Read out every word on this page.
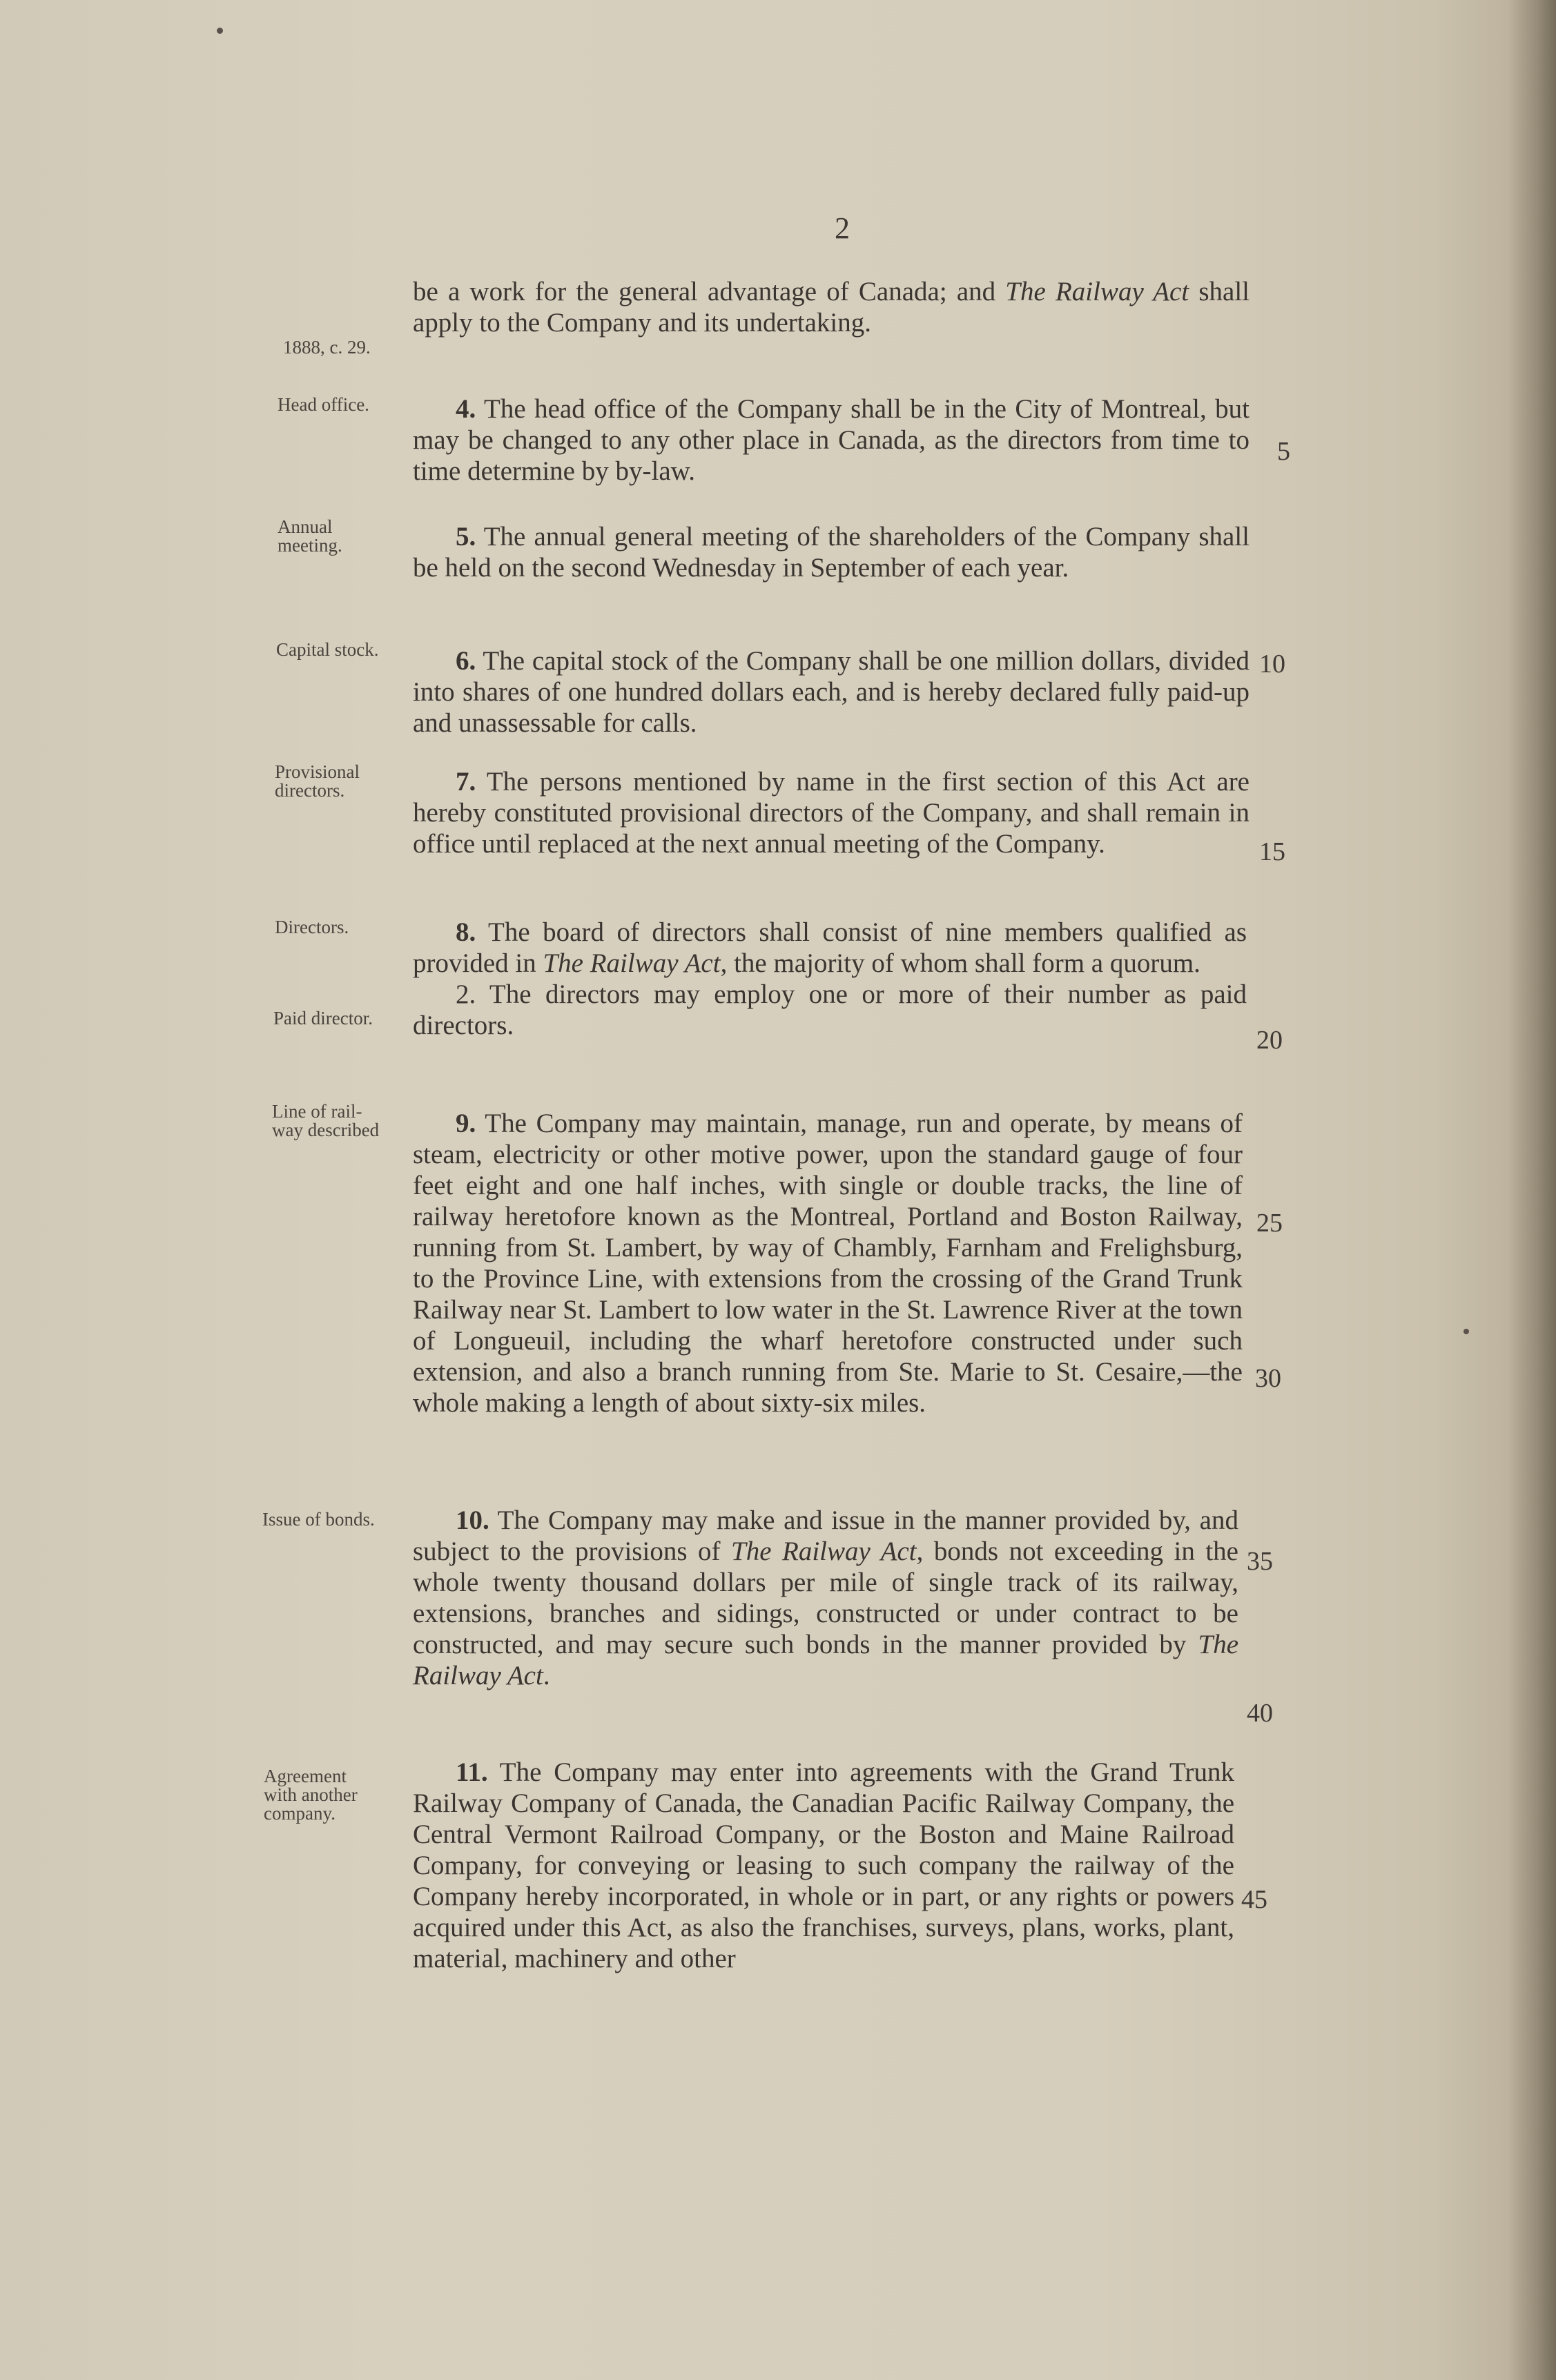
2
1888, c. 29.
Head office.
Annual
meeting.
Capital stock.
Provisional
directors.
Directors.
Paid director.
Line of rail-
way described
Issue of bonds.
Agreement
with another
company.
5
10
15
20
25
30
35
40
45
be a work for the general advantage of Canada; and The Railway Act shall apply to the Company and its undertaking.
4. The head office of the Company shall be in the City of Montreal, but may be changed to any other place in Canada, as the directors from time to time determine by by-law.
5. The annual general meeting of the shareholders of the Company shall be held on the second Wednesday in September of each year.
6. The capital stock of the Company shall be one million dollars, divided into shares of one hundred dollars each, and is hereby declared fully paid-up and unassessable for calls.
7. The persons mentioned by name in the first section of this Act are hereby constituted provisional directors of the Company, and shall remain in office until replaced at the next annual meeting of the Company.
8. The board of directors shall consist of nine members qualified as provided in The Railway Act, the majority of whom shall form a quorum.
2. The directors may employ one or more of their number as paid directors.
9. The Company may maintain, manage, run and operate, by means of steam, electricity or other motive power, upon the standard gauge of four feet eight and one half inches, with single or double tracks, the line of railway heretofore known as the Montreal, Portland and Boston Railway, running from St. Lambert, by way of Chambly, Farnham and Frelighsburg, to the Province Line, with extensions from the crossing of the Grand Trunk Railway near St. Lambert to low water in the St. Lawrence River at the town of Longueuil, including the wharf heretofore constructed under such extension, and also a branch running from Ste. Marie to St. Cesaire,—the whole making a length of about sixty-six miles.
10. The Company may make and issue in the manner provided by, and subject to the provisions of The Railway Act, bonds not exceeding in the whole twenty thousand dollars per mile of single track of its railway, extensions, branches and sidings, constructed or under contract to be constructed, and may secure such bonds in the manner provided by The Railway Act.
11. The Company may enter into agreements with the Grand Trunk Railway Company of Canada, the Canadian Pacific Railway Company, the Central Vermont Railroad Company, or the Boston and Maine Railroad Company, for conveying or leasing to such company the railway of the Company hereby incorporated, in whole or in part, or any rights or powers acquired under this Act, as also the franchises, surveys, plans, works, plant, material, machinery and other
